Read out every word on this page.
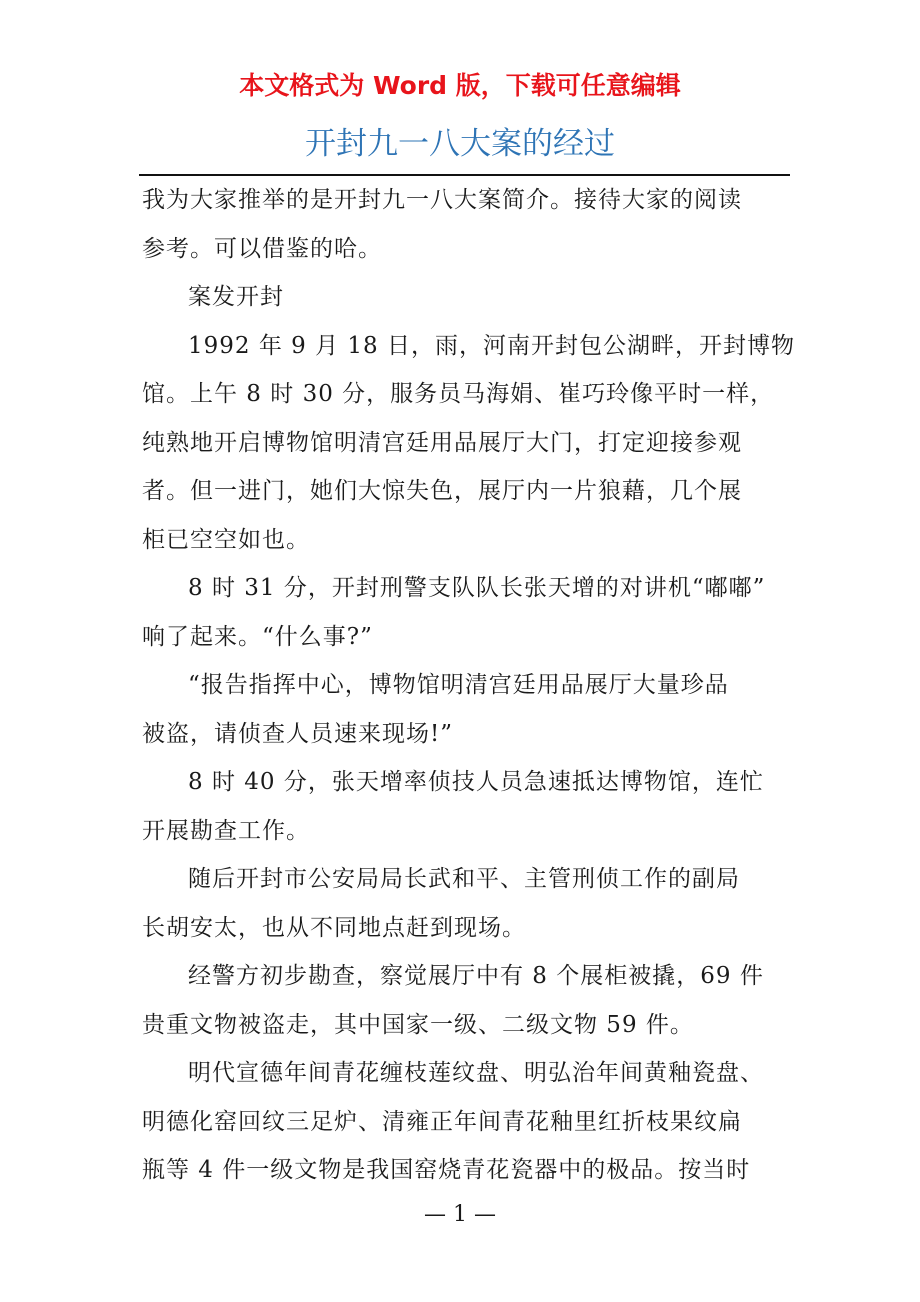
本文格式为 Word 版，下载可任意编辑
开封九一八大案的经过
我为大家推举的是开封九一八大案简介。接待大家的阅读
参考。可以借鉴的哈。
案发开封
1992 年 9 月 18 日，雨，河南开封包公湖畔，开封博物
馆。上午 8 时 30 分，服务员马海娟、崔巧玲像平时一样，
纯熟地开启博物馆明清宫廷用品展厅大门，打定迎接参观
者。但一进门，她们大惊失色，展厅内一片狼藉，几个展
柜已空空如也。
8 时 31 分，开封刑警支队队长张天增的对讲机“嘟嘟”
响了起来。“什么事?”
“报告指挥中心，博物馆明清宫廷用品展厅大量珍品
被盗，请侦查人员速来现场!”
8 时 40 分，张天增率侦技人员急速抵达博物馆，连忙
开展勘查工作。
随后开封市公安局局长武和平、主管刑侦工作的副局
长胡安太，也从不同地点赶到现场。
经警方初步勘查，察觉展厅中有 8 个展柜被撬，69 件
贵重文物被盗走，其中国家一级、二级文物 59 件。
明代宣德年间青花缠枝莲纹盘、明弘治年间黄釉瓷盘、
明德化窑回纹三足炉、清雍正年间青花釉里红折枝果纹扁
瓶等 4 件一级文物是我国窑烧青花瓷器中的极品。按当时
— 1 —
